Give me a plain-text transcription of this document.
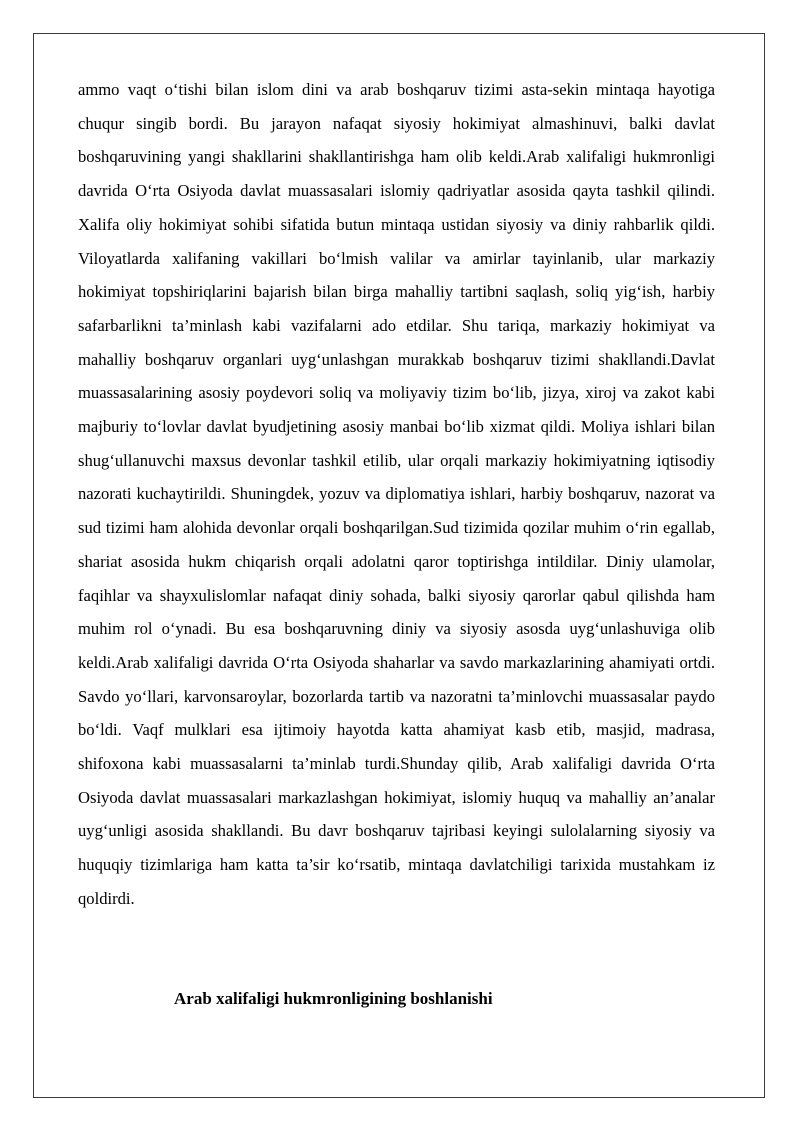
ammo vaqt o‘tishi bilan islom dini va arab boshqaruv tizimi asta-sekin mintaqa hayotiga chuqur singib bordi. Bu jarayon nafaqat siyosiy hokimiyat almashinuvi, balki davlat boshqaruvining yangi shakllarini shakllantirishga ham olib keldi.Arab xalifaligi hukmronligi davrida O‘rta Osiyoda davlat muassasalari islomiy qadriyatlar asosida qayta tashkil qilindi. Xalifa oliy hokimiyat sohibi sifatida butun mintaqa ustidan siyosiy va diniy rahbarlik qildi. Viloyatlarda xalifaning vakillari bo‘lmish valilar va amirlar tayinlanib, ular markaziy hokimiyat topshiriqlarini bajarish bilan birga mahalliy tartibni saqlash, soliq yig‘ish, harbiy safarbarlikni ta’minlash kabi vazifalarni ado etdilar. Shu tariqa, markaziy hokimiyat va mahalliy boshqaruv organlari uyg‘unlashgan murakkab boshqaruv tizimi shakllandi.Davlat muassasalarining asosiy poydevori soliq va moliyaviy tizim bo‘lib, jizya, xiroj va zakot kabi majburiy to‘lovlar davlat byudjetining asosiy manbai bo‘lib xizmat qildi. Moliya ishlari bilan shug‘ullanuvchi maxsus devonlar tashkil etilib, ular orqali markaziy hokimiyatning iqtisodiy nazorati kuchaytirildi. Shuningdek, yozuv va diplomatiya ishlari, harbiy boshqaruv, nazorat va sud tizimi ham alohida devonlar orqali boshqarilgan.Sud tizimida qozilar muhim o‘rin egallab, shariat asosida hukm chiqarish orqali adolatni qaror toptirishga intildilar. Diniy ulamolar, faqihlar va shayxulislomlar nafaqat diniy sohada, balki siyosiy qarorlar qabul qilishda ham muhim rol o‘ynadi. Bu esa boshqaruvning diniy va siyosiy asosda uyg‘unlashuviga olib keldi.Arab xalifaligi davrida O‘rta Osiyoda shaharlar va savdo markazlarining ahamiyati ortdi. Savdo yo‘llari, karvonsaroylar, bozorlarda tartib va nazoratni ta’minlovchi muassasalar paydo bo‘ldi. Vaqf mulklari esa ijtimoiy hayotda katta ahamiyat kasb etib, masjid, madrasa, shifoxona kabi muassasalarni ta’minlab turdi.Shunday qilib, Arab xalifaligi davrida O‘rta Osiyoda davlat muassasalari markazlashgan hokimiyat, islomiy huquq va mahalliy an’analar uyg‘unligi asosida shakllandi. Bu davr boshqaruv tajribasi keyingi sulolalarning siyosiy va huquqiy tizimlariga ham katta ta’sir ko‘rsatib, mintaqa davlatchiligi tarixida mustahkam iz qoldirdi.

Arab xalifaligi hukmronligining boshlanishi
